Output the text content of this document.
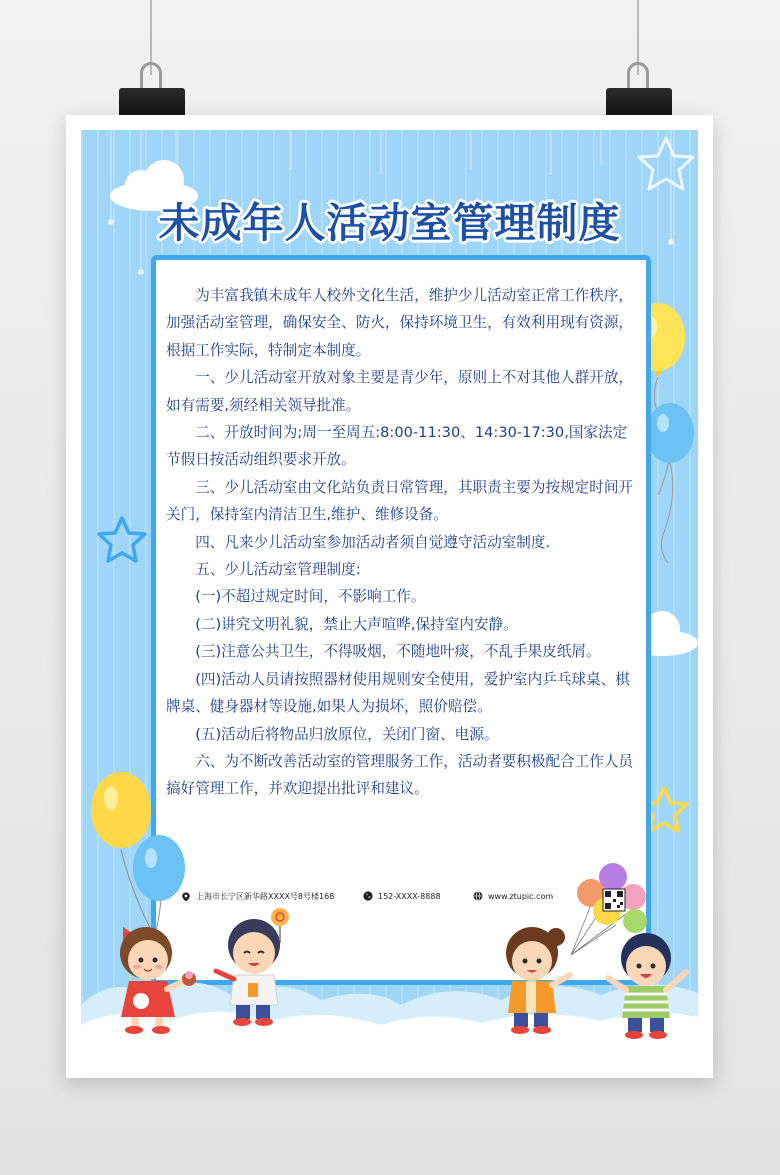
未成年人活动室管理制度

为丰富我镇未成年人校外文化生活，维护少儿活动室正常工作秩序，加强活动室管理，确保安全、防火，保持环境卫生，有效利用现有资源，根据工作实际，特制定本制度。

一、少儿活动室开放对象主要是青少年，原则上不对其他人群开放，如有需要,须经相关领导批准。

二、开放时间为;周一至周五:8:00-11:30、14:30-17:30,国家法定节假日按活动组织要求开放。

三、少儿活动室由文化站负责日常管理，其职责主要为按规定时间开关门，保持室内清洁卫生,维护、维修设备。

四、凡来少儿活动室参加活动者须自觉遵守活动室制度.

五、少儿活动室管理制度:

(一)不超过规定时间，不影响工作。

(二)讲究文明礼貌，禁止大声喧哗,保持室内安静。

(三)注意公共卫生，不得吸烟，不随地叶痰，不乱手果皮纸屑。

(四)活动人员请按照器材使用规则安全使用，爱护室内乒乓球桌、棋牌桌、健身器材等设施,如果人为损坏，照价赔偿。

(五)活动后将物品归放原位，关闭门窗、电源。

六、为不断改善活动室的管理服务工作，活动者要积极配合工作人员搞好管理工作，并欢迎提出批评和建议。

上海市长宁区新华路XXXX号8号楼168	152-XXXX-8888	www.ztupic.com
